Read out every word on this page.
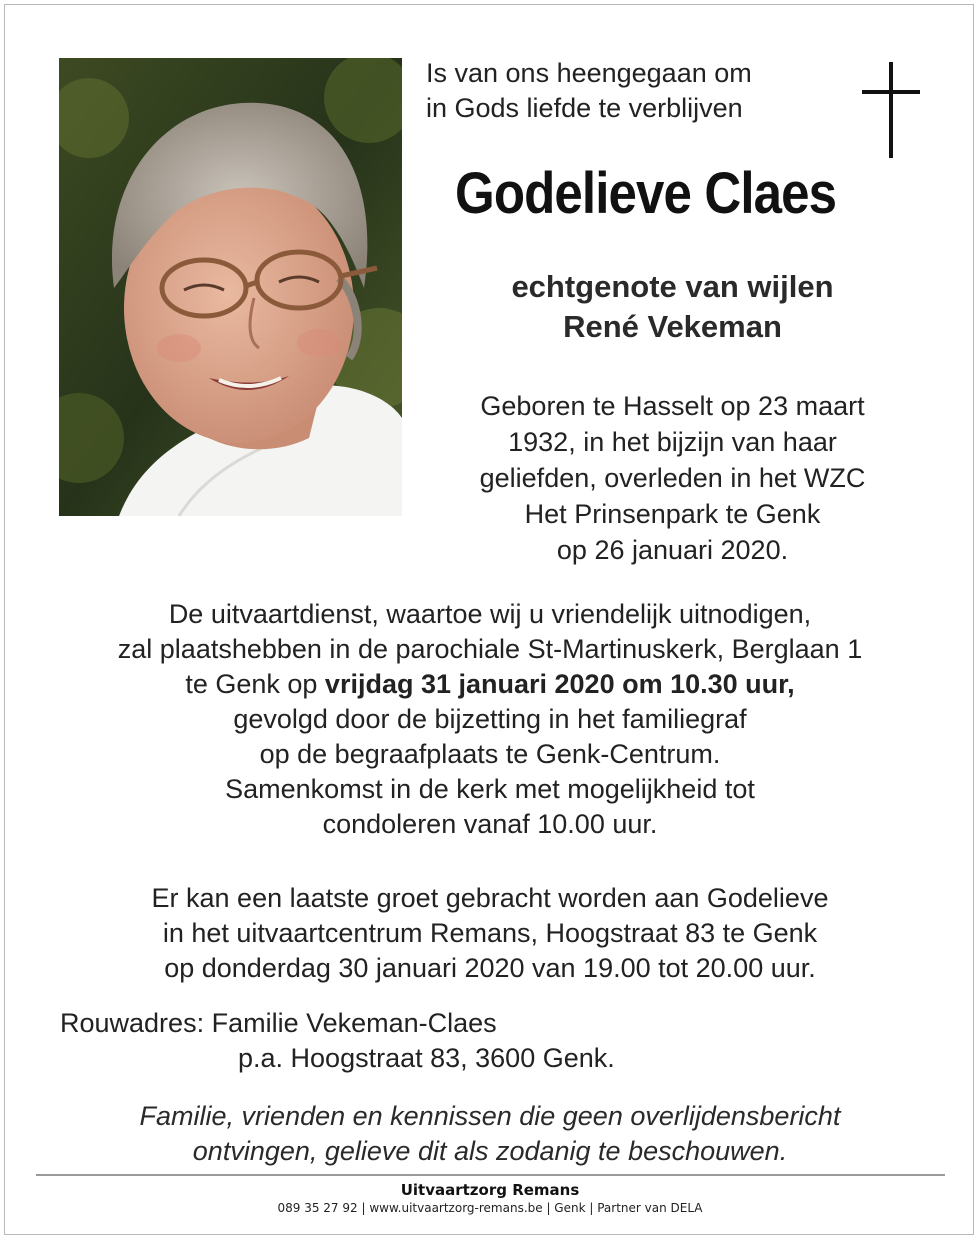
Is van ons heengegaan om
in Gods liefde te verblijven
Godelieve Claes
echtgenote van wijlen
René Vekeman
Geboren te Hasselt op 23 maart
1932, in het bijzijn van haar
geliefden, overleden in het WZC
Het Prinsenpark te Genk
op 26 januari 2020.
De uitvaartdienst, waartoe wij u vriendelijk uitnodigen,
zal plaatshebben in de parochiale St-Martinuskerk, Berglaan 1
te Genk op vrijdag 31 januari 2020 om 10.30 uur,
gevolgd door de bijzetting in het familiegraf
op de begraafplaats te Genk-Centrum.
Samenkomst in de kerk met mogelijkheid tot
condoleren vanaf 10.00 uur.
Er kan een laatste groet gebracht worden aan Godelieve
in het uitvaartcentrum Remans, Hoogstraat 83 te Genk
op donderdag 30 januari 2020 van 19.00 tot 20.00 uur.
Rouwadres: Familie Vekeman-Claes
p.a. Hoogstraat 83, 3600 Genk.
Familie, vrienden en kennissen die geen overlijdensbericht
ontvingen, gelieve dit als zodanig te beschouwen.
Uitvaartzorg Remans
089 35 27 92 | www.uitvaartzorg-remans.be | Genk | Partner van DELA
